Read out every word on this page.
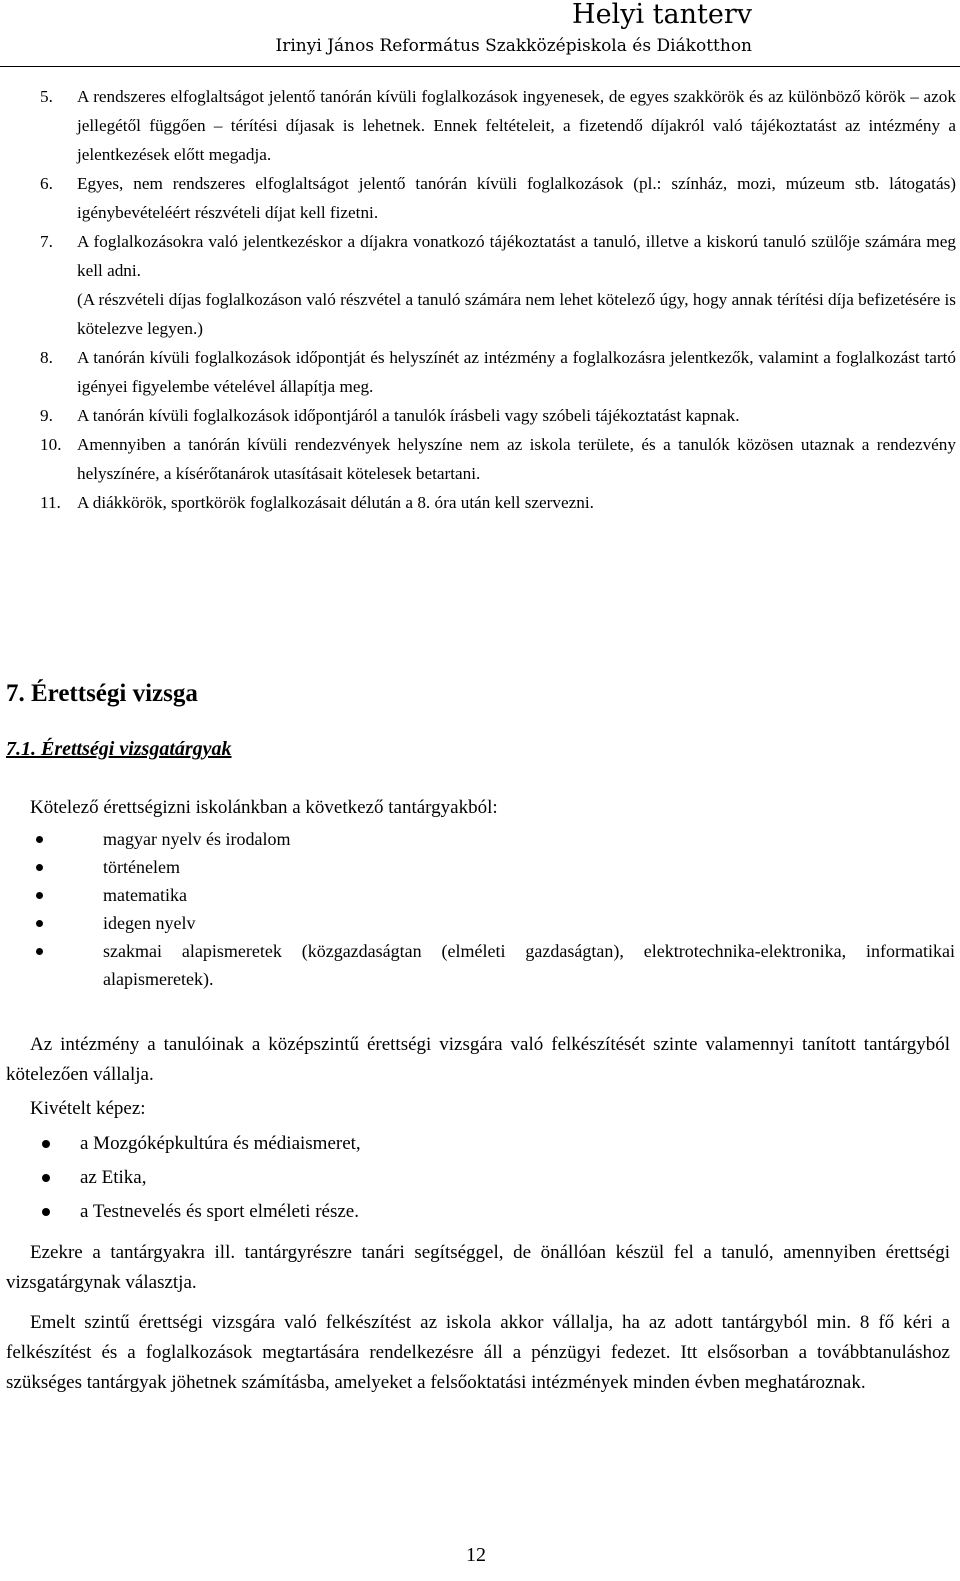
Helyi tanterv
Irinyi János Református Szakközépiskola és Diákotthon
5. A rendszeres elfoglaltságot jelentő tanórán kívüli foglalkozások ingyenesek, de egyes szakkörök és az különböző körök – azok jellegétől függően – térítési díjasak is lehetnek. Ennek feltételeit, a fizetendő díjakról való tájékoztatást az intézmény a jelentkezések előtt megadja.
6. Egyes, nem rendszeres elfoglaltságot jelentő tanórán kívüli foglalkozások (pl.: színház, mozi, múzeum stb. látogatás) igénybevételéért részvételi díjat kell fizetni.
7. A foglalkozásokra való jelentkezéskor a díjakra vonatkozó tájékoztatást a tanuló, illetve a kiskorú tanuló szülője számára meg kell adni.
(A részvételi díjas foglalkozáson való részvétel a tanuló számára nem lehet kötelező úgy, hogy annak térítési díja befizetésére is kötelezve legyen.)
8. A tanórán kívüli foglalkozások időpontját és helyszínét az intézmény a foglalkozásra jelentkezők, valamint a foglalkozást tartó igényei figyelembe vételével állapítja meg.
9. A tanórán kívüli foglalkozások időpontjáról a tanulók írásbeli vagy szóbeli tájékoztatást kapnak.
10. Amennyiben a tanórán kívüli rendezvények helyszíne nem az iskola területe, és a tanulók közösen utaznak a rendezvény helyszínére, a kísérőtanárok utasításait kötelesek betartani.
11. A diákkörök, sportkörök foglalkozásait délután a 8. óra után kell szervezni.
7. Érettségi vizsga
7.1. Érettségi vizsgatárgyak

Kötelező érettségizni iskolánkban a következő tantárgyakból:

magyar nyelv és irodalom
történelem
matematika
idegen nyelv
szakmai alapismeretek (közgazdaságtan (elméleti gazdaságtan), elektrotechnika-elektronika, informatikai alapismeretek).

Az intézmény a tanulóinak a középszintű érettségi vizsgára való felkészítését szinte valamennyi tanított tantárgyból kötelezően vállalja.

Kivételt képez:

a Mozgóképkultúra és médiaismeret,
az Etika,
a Testnevelés és sport elméleti része.

Ezekre a tantárgyakra ill. tantárgyrészre tanári segítséggel, de önállóan készül fel a tanuló, amennyiben érettségi vizsgatárgynak választja.

Emelt szintű érettségi vizsgára való felkészítést az iskola akkor vállalja, ha az adott tantárgyból min. 8 fő kéri a felkészítést és a foglalkozások megtartására rendelkezésre áll a pénzügyi fedezet. Itt elsősorban a továbbtanuláshoz szükséges tantárgyak jöhetnek számításba, amelyeket a felsőoktatási intézmények minden évben meghatároznak.

12
